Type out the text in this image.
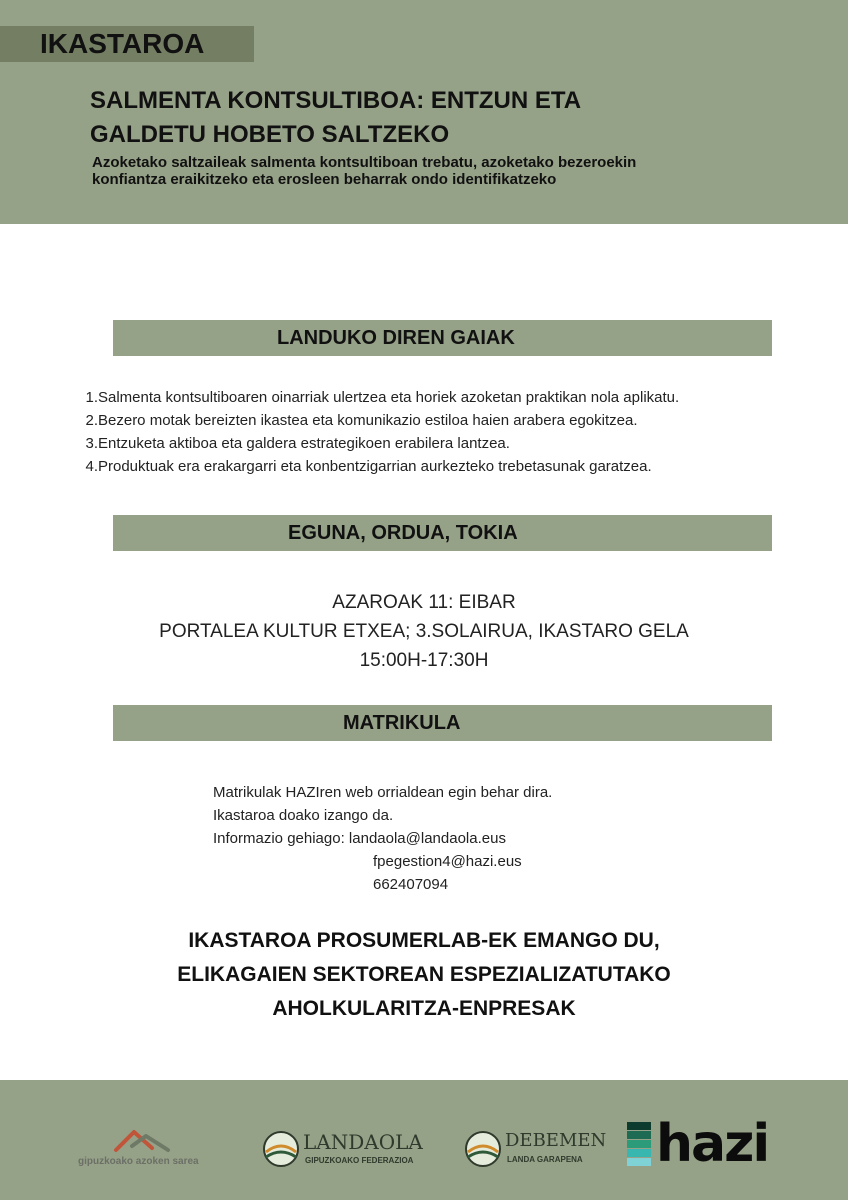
IKASTAROA
SALMENTA KONTSULTIBOA: ENTZUN ETA
GALDETU HOBETO SALTZEKO
Azoketako saltzaileak salmenta kontsultiboan trebatu, azoketako bezeroekin
konfiantza eraikitzeko eta erosleen beharrak ondo identifikatzeko
LANDUKO DIREN GAIAK
1. Salmenta kontsultiboaren oinarriak ulertzea eta horiek azoketan praktikan nola aplikatu.
2. Bezero motak bereizten ikastea eta komunikazio estiloa haien arabera egokitzea.
3. Entzuketa aktiboa eta galdera estrategikoen erabilera lantzea.
4. Produktuak era erakargarri eta konbentzigarrian aurkezteko trebetasunak garatzea.
EGUNA, ORDUA, TOKIA
AZAROAK 11: EIBAR
PORTALEA KULTUR ETXEA; 3.SOLAIRUA, IKASTARO GELA
15:00H-17:30H
MATRIKULA
Matrikulak HAZIren web orrialdean egin behar dira.
Ikastaroa doako izango da.
Informazio gehiago: landaola@landaola.eus
fpegestion4@hazi.eus
662407094
IKASTAROA PROSUMERLAB-EK EMANGO DU,
ELIKAGAIEN SEKTOREAN ESPEZIALIZATUTAKO
AHOLKULARITZA-ENPRESAK
gipuzkoako azoken sarea
LANDAOLA
GIPUZKOAKO FEDERAZIOA
DEBEMEN
LANDA GARAPENA hazi
